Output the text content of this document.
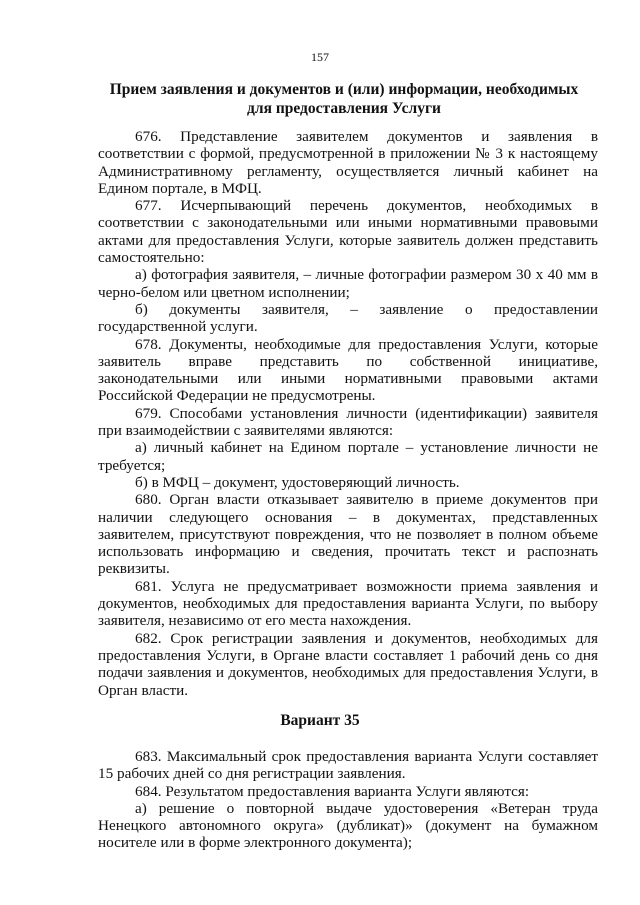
157
Прием заявления и документов и (или) информации, необходимых для предоставления Услуги

676. Представление заявителем документов и заявления в соответствии с формой, предусмотренной в приложении № 3 к настоящему Административному регламенту, осуществляется личный кабинет на Едином портале, в МФЦ.

677. Исчерпывающий перечень документов, необходимых в соответствии с законодательными или иными нормативными правовыми актами для предоставления Услуги, которые заявитель должен представить самостоятельно:

а) фотография заявителя, – личные фотографии размером 30 х 40 мм в черно-белом или цветном исполнении;

б) документы заявителя, – заявление о предоставлении государственной услуги.

678. Документы, необходимые для предоставления Услуги, которые заявитель вправе представить по собственной инициативе, законодательными или иными нормативными правовыми актами Российской Федерации не предусмотрены.

679. Способами установления личности (идентификации) заявителя при взаимодействии с заявителями являются:

а) личный кабинет на Едином портале – установление личности не требуется;

б) в МФЦ – документ, удостоверяющий личность.

680. Орган власти отказывает заявителю в приеме документов при наличии следующего основания – в документах, представленных заявителем, присутствуют повреждения, что не позволяет в полном объеме использовать информацию и сведения, прочитать текст и распознать реквизиты.

681. Услуга не предусматривает возможности приема заявления и документов, необходимых для предоставления варианта Услуги, по выбору заявителя, независимо от его места нахождения.

682. Срок регистрации заявления и документов, необходимых для предоставления Услуги, в Органе власти составляет 1 рабочий день со дня подачи заявления и документов, необходимых для предоставления Услуги, в Орган власти.

Вариант 35

683. Максимальный срок предоставления варианта Услуги составляет 15 рабочих дней со дня регистрации заявления.

684. Результатом предоставления варианта Услуги являются:

а) решение о повторной выдаче удостоверения «Ветеран труда Ненецкого автономного округа» (дубликат)» (документ на бумажном носителе или в форме электронного документа);
